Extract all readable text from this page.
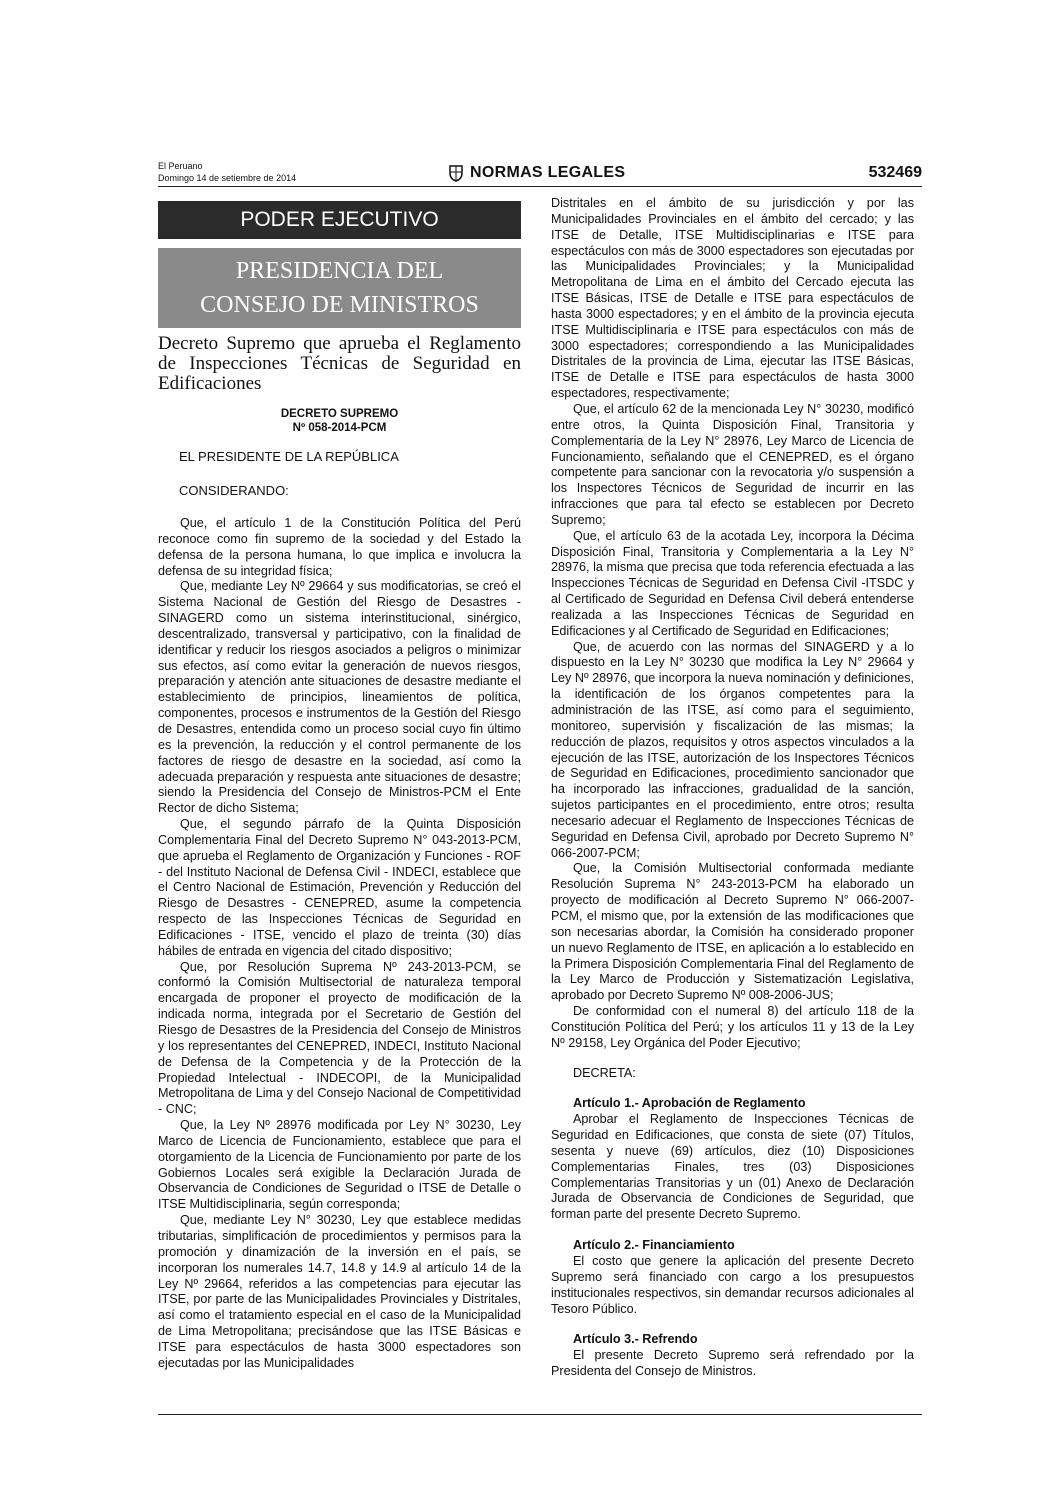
El Peruano
Domingo 14 de setiembre de 2014	NORMAS LEGALES	532469
PODER EJECUTIVO
PRESIDENCIA DEL
CONSEJO DE MINISTROS
Decreto Supremo que aprueba el Reglamento de Inspecciones Técnicas de Seguridad en Edificaciones
DECRETO SUPREMO
Nº 058-2014-PCM
EL PRESIDENTE DE LA REPÚBLICA
CONSIDERANDO:

Que, el artículo 1 de la Constitución Política del Perú reconoce como fin supremo de la sociedad y del Estado la defensa de la persona humana, lo que implica e involucra la defensa de su integridad física;

Que, mediante Ley Nº 29664 y sus modificatorias, se creó el Sistema Nacional de Gestión del Riesgo de Desastres - SINAGERD como un sistema interinstitucional, sinérgico, descentralizado, transversal y participativo, con la finalidad de identificar y reducir los riesgos asociados a peligros o minimizar sus efectos, así como evitar la generación de nuevos riesgos, preparación y atención ante situaciones de desastre mediante el establecimiento de principios, lineamientos de política, componentes, procesos e instrumentos de la Gestión del Riesgo de Desastres, entendida como un proceso social cuyo fin último es la prevención, la reducción y el control permanente de los factores de riesgo de desastre en la sociedad, así como la adecuada preparación y respuesta ante situaciones de desastre; siendo la Presidencia del Consejo de Ministros-PCM el Ente Rector de dicho Sistema;

Que, el segundo párrafo de la Quinta Disposición Complementaria Final del Decreto Supremo N° 043-2013-PCM, que aprueba el Reglamento de Organización y Funciones - ROF - del Instituto Nacional de Defensa Civil - INDECI, establece que el Centro Nacional de Estimación, Prevención y Reducción del Riesgo de Desastres - CENEPRED, asume la competencia respecto de las Inspecciones Técnicas de Seguridad en Edificaciones - ITSE, vencido el plazo de treinta (30) días hábiles de entrada en vigencia del citado dispositivo;

Que, por Resolución Suprema Nº 243-2013-PCM, se conformó la Comisión Multisectorial de naturaleza temporal encargada de proponer el proyecto de modificación de la indicada norma, integrada por el Secretario de Gestión del Riesgo de Desastres de la Presidencia del Consejo de Ministros y los representantes del CENEPRED, INDECI, Instituto Nacional de Defensa de la Competencia y de la Protección de la Propiedad Intelectual - INDECOPI, de la Municipalidad Metropolitana de Lima y del Consejo Nacional de Competitividad - CNC;

Que, la Ley Nº 28976 modificada por Ley N° 30230, Ley Marco de Licencia de Funcionamiento, establece que para el otorgamiento de la Licencia de Funcionamiento por parte de los Gobiernos Locales será exigible la Declaración Jurada de Observancia de Condiciones de Seguridad o ITSE de Detalle o ITSE Multidisciplinaria, según corresponda;

Que, mediante Ley N° 30230, Ley que establece medidas tributarias, simplificación de procedimientos y permisos para la promoción y dinamización de la inversión en el país, se incorporan los numerales 14.7, 14.8 y 14.9 al artículo 14 de la Ley Nº 29664, referidos a las competencias para ejecutar las ITSE, por parte de las Municipalidades Provinciales y Distritales, así como el tratamiento especial en el caso de la Municipalidad de Lima Metropolitana; precisándose que las ITSE Básicas e ITSE para espectáculos de hasta 3000 espectadores son ejecutadas por las Municipalidades

Distritales en el ámbito de su jurisdicción y por las Municipalidades Provinciales en el ámbito del cercado; y las ITSE de Detalle, ITSE Multidisciplinarias e ITSE para espectáculos con más de 3000 espectadores son ejecutadas por las Municipalidades Provinciales; y la Municipalidad Metropolitana de Lima en el ámbito del Cercado ejecuta las ITSE Básicas, ITSE de Detalle e ITSE para espectáculos de hasta 3000 espectadores; y en el ámbito de la provincia ejecuta ITSE Multidisciplinaria e ITSE para espectáculos con más de 3000 espectadores; correspondiendo a las Municipalidades Distritales de la provincia de Lima, ejecutar las ITSE Básicas, ITSE de Detalle e ITSE para espectáculos de hasta 3000 espectadores, respectivamente;

Que, el artículo 62 de la mencionada Ley N° 30230, modificó entre otros, la Quinta Disposición Final, Transitoria y Complementaria de la Ley N° 28976, Ley Marco de Licencia de Funcionamiento, señalando que el CENEPRED, es el órgano competente para sancionar con la revocatoria y/o suspensión a los Inspectores Técnicos de Seguridad de incurrir en las infracciones que para tal efecto se establecen por Decreto Supremo;

Que, el artículo 63 de la acotada Ley, incorpora la Décima Disposición Final, Transitoria y Complementaria a la Ley N° 28976, la misma que precisa que toda referencia efectuada a las Inspecciones Técnicas de Seguridad en Defensa Civil -ITSDC y al Certificado de Seguridad en Defensa Civil deberá entenderse realizada a las Inspecciones Técnicas de Seguridad en Edificaciones y al Certificado de Seguridad en Edificaciones;

Que, de acuerdo con las normas del SINAGERD y a lo dispuesto en la Ley N° 30230 que modifica la Ley N° 29664 y Ley Nº 28976, que incorpora la nueva nominación y definiciones, la identificación de los órganos competentes para la administración de las ITSE, así como para el seguimiento, monitoreo, supervisión y fiscalización de las mismas; la reducción de plazos, requisitos y otros aspectos vinculados a la ejecución de las ITSE, autorización de los Inspectores Técnicos de Seguridad en Edificaciones, procedimiento sancionador que ha incorporado las infracciones, gradualidad de la sanción, sujetos participantes en el procedimiento, entre otros; resulta necesario adecuar el Reglamento de Inspecciones Técnicas de Seguridad en Defensa Civil, aprobado por Decreto Supremo N° 066-2007-PCM;

Que, la Comisión Multisectorial conformada mediante Resolución Suprema N° 243-2013-PCM ha elaborado un proyecto de modificación al Decreto Supremo N° 066-2007-PCM, el mismo que, por la extensión de las modificaciones que son necesarias abordar, la Comisión ha considerado proponer un nuevo Reglamento de ITSE, en aplicación a lo establecido en la Primera Disposición Complementaria Final del Reglamento de la Ley Marco de Producción y Sistematización Legislativa, aprobado por Decreto Supremo Nº 008-2006-JUS;

De conformidad con el numeral 8) del artículo 118 de la Constitución Política del Perú; y los artículos 11 y 13 de la Ley Nº 29158, Ley Orgánica del Poder Ejecutivo;

DECRETA:

Artículo 1.- Aprobación de Reglamento

Aprobar el Reglamento de Inspecciones Técnicas de Seguridad en Edificaciones, que consta de siete (07) Títulos, sesenta y nueve (69) artículos, diez (10) Disposiciones Complementarias Finales, tres (03) Disposiciones Complementarias Transitorias y un (01) Anexo de Declaración Jurada de Observancia de Condiciones de Seguridad, que forman parte del presente Decreto Supremo.

Artículo 2.- Financiamiento

El costo que genere la aplicación del presente Decreto Supremo será financiado con cargo a los presupuestos institucionales respectivos, sin demandar recursos adicionales al Tesoro Público.

Artículo 3.- Refrendo

El presente Decreto Supremo será refrendado por la Presidenta del Consejo de Ministros.
